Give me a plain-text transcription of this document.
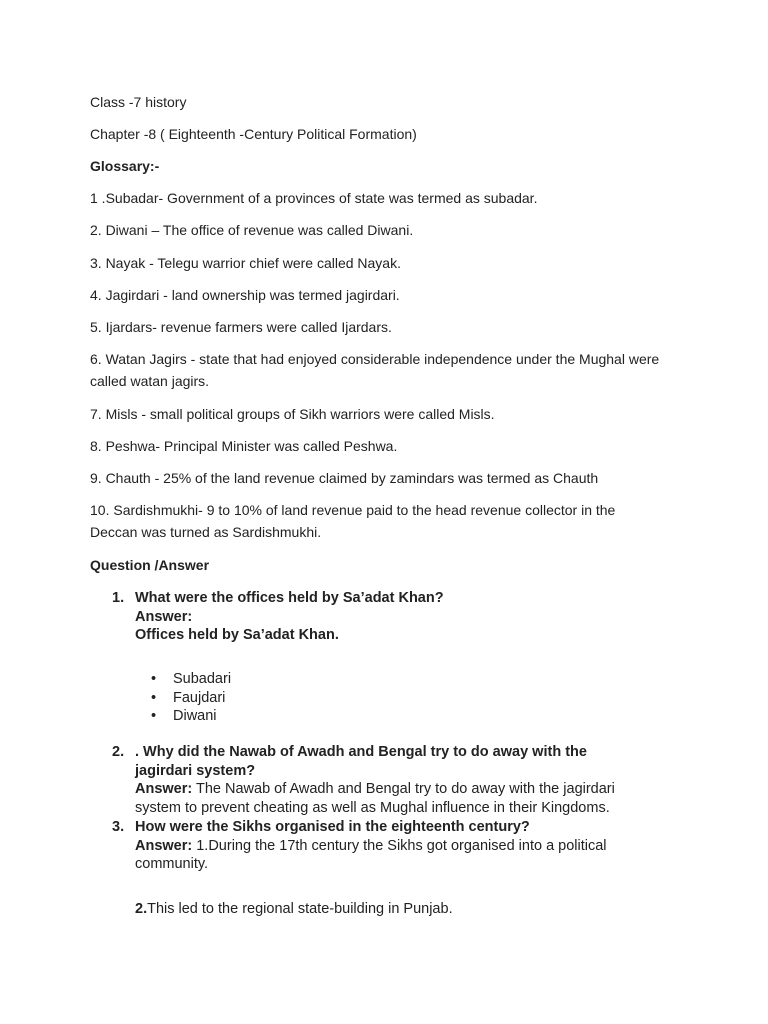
Class -7 history
Chapter -8 ( Eighteenth -Century Political Formation)
Glossary:-
1 .Subadar- Government of a provinces of state was termed as subadar.
2. Diwani – The office of revenue was called Diwani.
3. Nayak - Telegu warrior chief were called Nayak.
4. Jagirdari - land ownership was termed jagirdari.
5. Ijardars- revenue farmers were called Ijardars.
6. Watan Jagirs - state that had enjoyed considerable independence under the Mughal were called watan jagirs.
7. Misls - small political groups of Sikh warriors were called Misls.
8. Peshwa- Principal Minister was called Peshwa.
9. Chauth - 25% of the land revenue claimed by zamindars was termed as Chauth
10. Sardishmukhi- 9 to 10% of land revenue paid to the head revenue collector in the Deccan was turned as Sardishmukhi.
Question /Answer
1. What were the offices held by Sa’adat Khan?
Answer:
Offices held by Sa’adat Khan.
• Subadari
• Faujdari
• Diwani
2. . Why did the Nawab of Awadh and Bengal try to do away with the jagirdari system?
Answer: The Nawab of Awadh and Bengal try to do away with the jagirdari system to prevent cheating as well as Mughal influence in their Kingdoms.
3. How were the Sikhs organised in the eighteenth century?
Answer: 1.During the 17th century the Sikhs got organised into a political community.
2.This led to the regional state-building in Punjab.
